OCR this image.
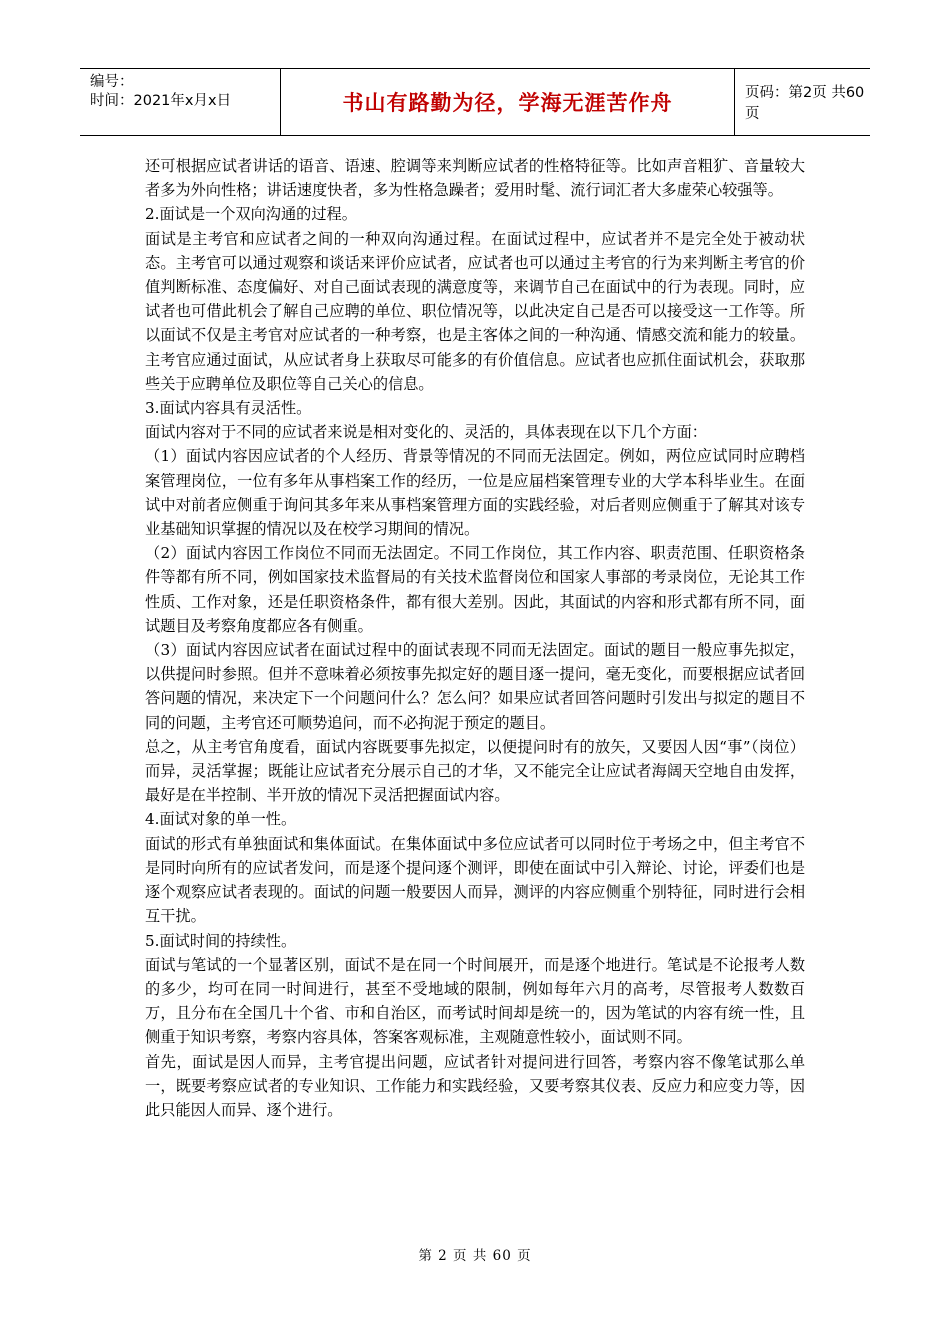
编号：
时间：2021年x月x日	书山有路勤为径，学海无涯苦作舟	页码：第2页 共60页

还可根据应试者讲话的语音、语速、腔调等来判断应试者的性格特征等。比如声音粗犷、音量较大者多为外向性格；讲话速度快者，多为性格急躁者；爱用时髦、流行词汇者大多虚荣心较强等。

2.面试是一个双向沟通的过程。

面试是主考官和应试者之间的一种双向沟通过程。在面试过程中，应试者并不是完全处于被动状态。主考官可以通过观察和谈话来评价应试者，应试者也可以通过主考官的行为来判断主考官的价值判断标准、态度偏好、对自己面试表现的满意度等，来调节自己在面试中的行为表现。同时，应试者也可借此机会了解自己应聘的单位、职位情况等，以此决定自己是否可以接受这一工作等。所以面试不仅是主考官对应试者的一种考察，也是主客体之间的一种沟通、情感交流和能力的较量。主考官应通过面试，从应试者身上获取尽可能多的有价值信息。应试者也应抓住面试机会，获取那些关于应聘单位及职位等自己关心的信息。

3.面试内容具有灵活性。

面试内容对于不同的应试者来说是相对变化的、灵活的，具体表现在以下几个方面：

（1）面试内容因应试者的个人经历、背景等情况的不同而无法固定。例如，两位应试同时应聘档案管理岗位，一位有多年从事档案工作的经历，一位是应届档案管理专业的大学本科毕业生。在面试中对前者应侧重于询问其多年来从事档案管理方面的实践经验，对后者则应侧重于了解其对该专业基础知识掌握的情况以及在校学习期间的情况。

（2）面试内容因工作岗位不同而无法固定。不同工作岗位，其工作内容、职责范围、任职资格条件等都有所不同，例如国家技术监督局的有关技术监督岗位和国家人事部的考录岗位，无论其工作性质、工作对象，还是任职资格条件，都有很大差别。因此，其面试的内容和形式都有所不同，面试题目及考察角度都应各有侧重。

（3）面试内容因应试者在面试过程中的面试表现不同而无法固定。面试的题目一般应事先拟定，以供提问时参照。但并不意味着必须按事先拟定好的题目逐一提问，毫无变化，而要根据应试者回答问题的情况，来决定下一个问题问什么？怎么问？如果应试者回答问题时引发出与拟定的题目不同的问题，主考官还可顺势追问，而不必拘泥于预定的题目。

总之，从主考官角度看，面试内容既要事先拟定，以便提问时有的放矢，又要因人因“事”（岗位）而异，灵活掌握；既能让应试者充分展示自己的才华，又不能完全让应试者海阔天空地自由发挥，最好是在半控制、半开放的情况下灵活把握面试内容。

4.面试对象的单一性。

面试的形式有单独面试和集体面试。在集体面试中多位应试者可以同时位于考场之中，但主考官不是同时向所有的应试者发问，而是逐个提问逐个测评，即使在面试中引入辩论、讨论，评委们也是逐个观察应试者表现的。面试的问题一般要因人而异，测评的内容应侧重个别特征，同时进行会相互干扰。

5.面试时间的持续性。

面试与笔试的一个显著区别，面试不是在同一个时间展开，而是逐个地进行。笔试是不论报考人数的多少，均可在同一时间进行，甚至不受地域的限制，例如每年六月的高考，尽管报考人数数百万，且分布在全国几十个省、市和自治区，而考试时间却是统一的，因为笔试的内容有统一性，且侧重于知识考察，考察内容具体，答案客观标准，主观随意性较小，面试则不同。

首先，面试是因人而异，主考官提出问题，应试者针对提问进行回答，考察内容不像笔试那么单一，既要考察应试者的专业知识、工作能力和实践经验，又要考察其仪表、反应力和应变力等，因此只能因人而异、逐个进行。

第 2 页 共 60 页
